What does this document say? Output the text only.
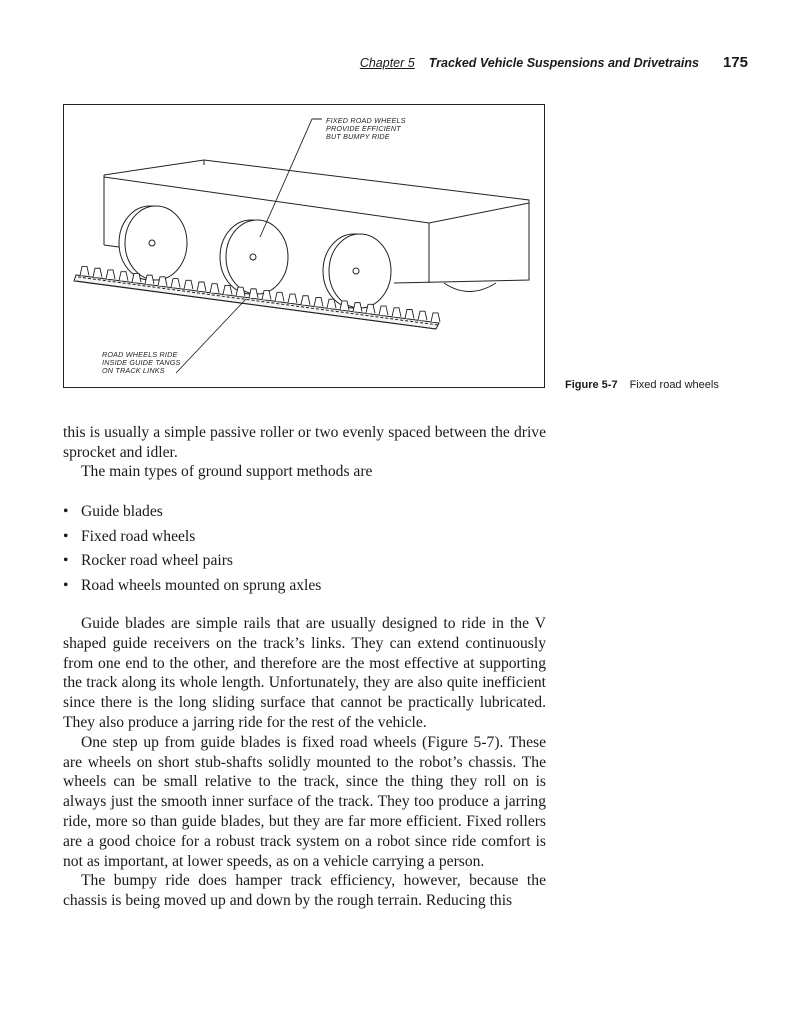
Chapter 5 Tracked Vehicle Suspensions and Drivetrains 175
FIXED ROAD WHEELS
PROVIDE EFFICIENT
BUT BUMPY RIDE
ROAD WHEELS RIDE
INSIDE GUIDE TANGS
ON TRACK LINKS
Figure 5-7 Fixed road wheels

this is usually a simple passive roller or two evenly spaced between the drive sprocket and idler.

The main types of ground support methods are

• Guide blades
• Fixed road wheels
• Rocker road wheel pairs
• Road wheels mounted on sprung axles

Guide blades are simple rails that are usually designed to ride in the V shaped guide receivers on the track’s links. They can extend continuously from one end to the other, and therefore are the most effective at supporting the track along its whole length. Unfortunately, they are also quite inefficient since there is the long sliding surface that cannot be practically lubricated. They also produce a jarring ride for the rest of the vehicle.

One step up from guide blades is fixed road wheels (Figure 5-7). These are wheels on short stub-shafts solidly mounted to the robot’s chassis. The wheels can be small relative to the track, since the thing they roll on is always just the smooth inner surface of the track. They too produce a jarring ride, more so than guide blades, but they are far more efficient. Fixed rollers are a good choice for a robust track system on a robot since ride comfort is not as important, at lower speeds, as on a vehicle carrying a person.

The bumpy ride does hamper track efficiency, however, because the chassis is being moved up and down by the rough terrain. Reducing this
